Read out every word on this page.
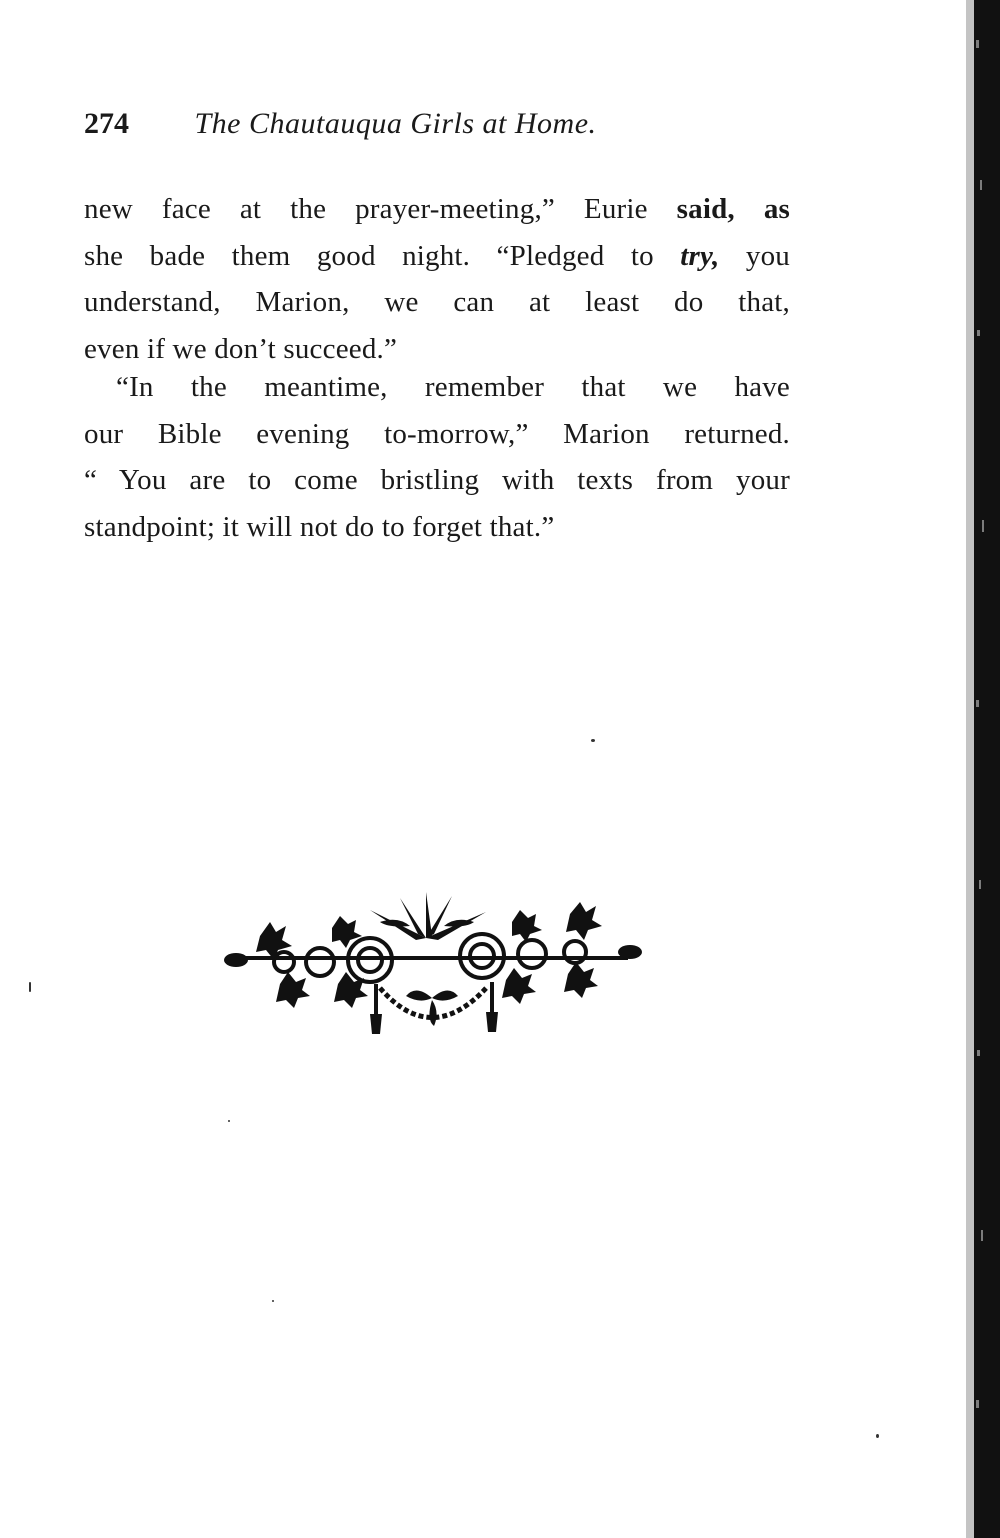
274 The Chautauqua Girls at Home.
new face at the prayer-meeting,” Eurie said, as
she bade them good night. “Pledged to try, you
understand, Marion, we can at least do that,
even if we don’t succeed.”
“In the meantime, remember that we have
our Bible evening to-morrow,” Marion returned.
“ You are to come bristling with texts from your
standpoint; it will not do to forget that.”
